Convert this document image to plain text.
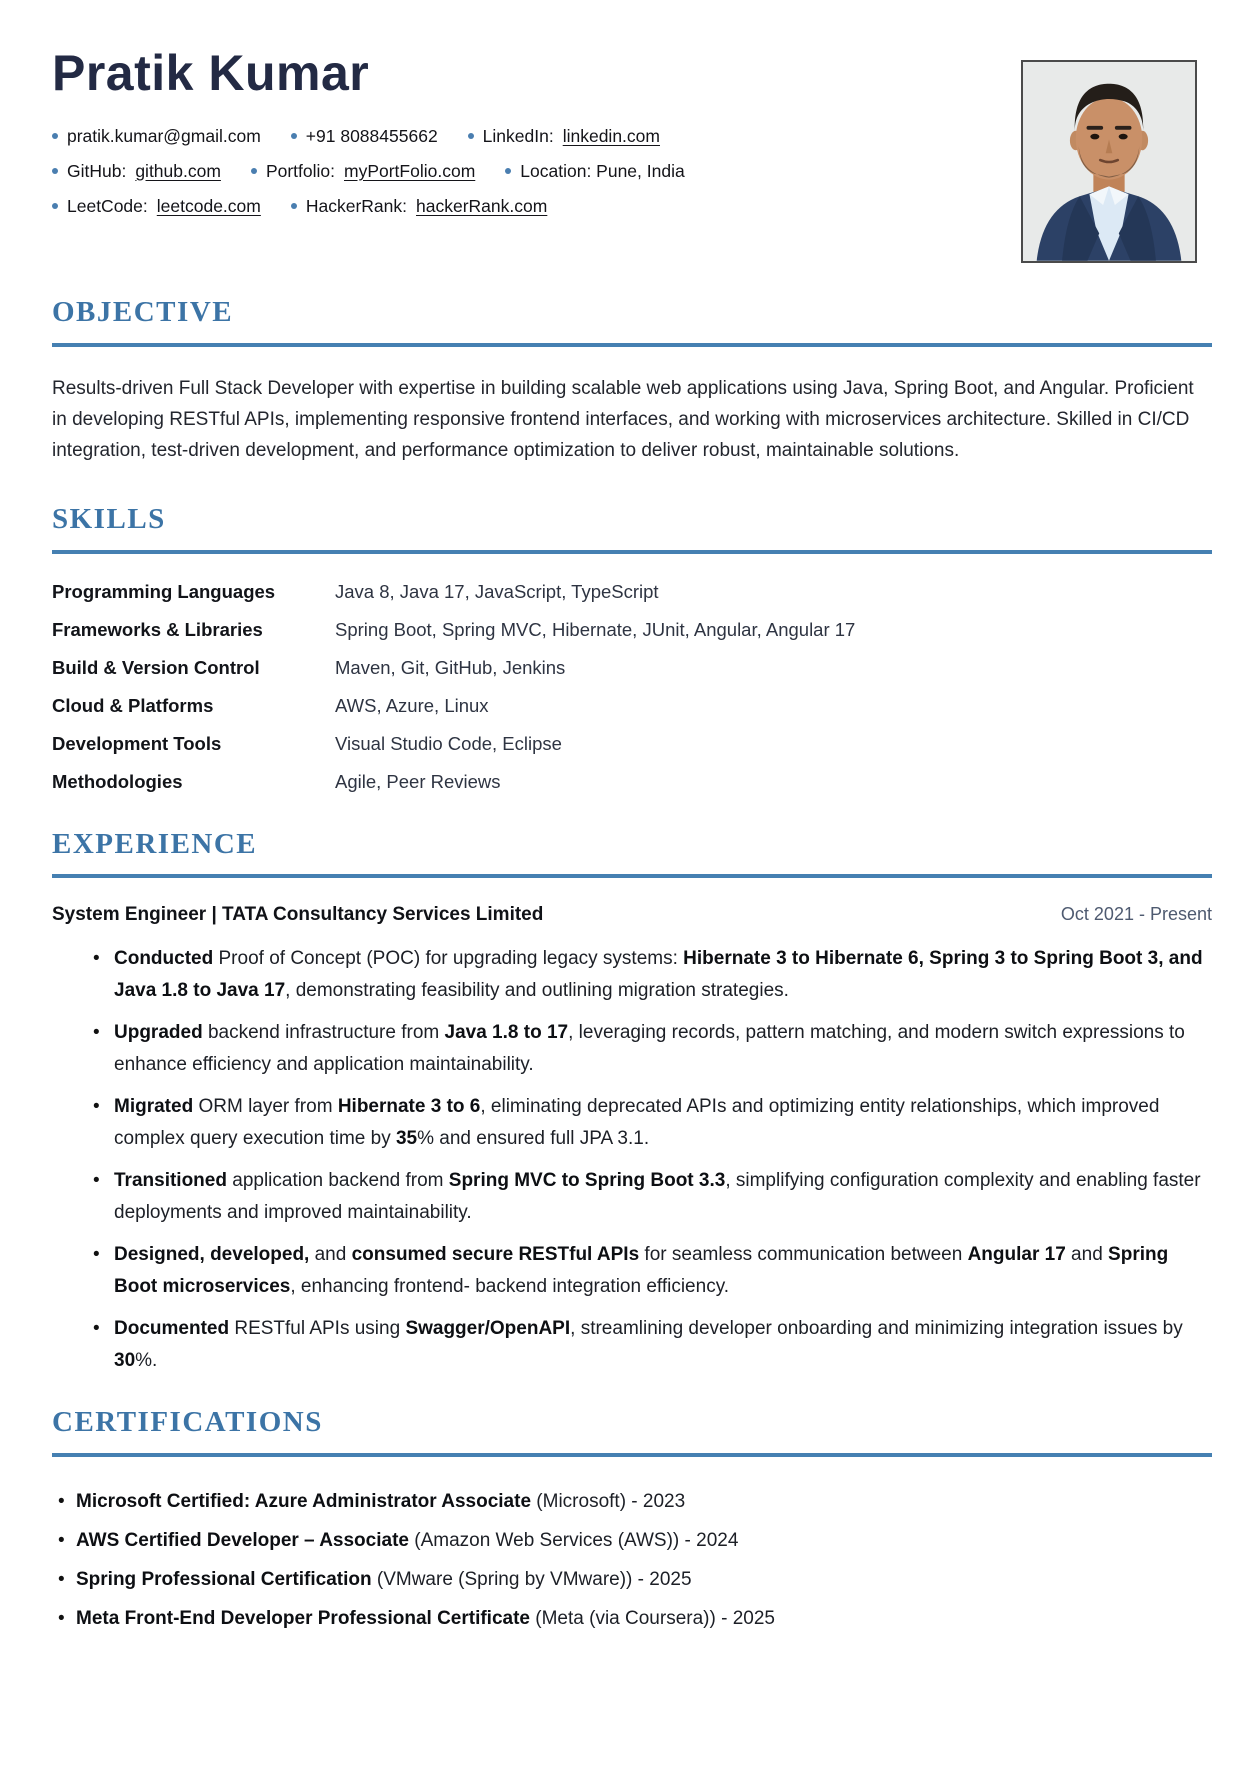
Pratik Kumar
pratik.kumar@gmail.com	+91 8088455662	LinkedIn: linkedin.com
GitHub: github.com	Portfolio: myPortFolio.com	Location: Pune, India
LeetCode: leetcode.com	HackerRank: hackerRank.com
OBJECTIVE

Results-driven Full Stack Developer with expertise in building scalable web applications using Java, Spring Boot, and Angular. Proficient in developing RESTful APIs, implementing responsive frontend interfaces, and working with microservices architecture. Skilled in CI/CD integration, test-driven development, and performance optimization to deliver robust, maintainable solutions.

SKILLS
Programming Languages	Java 8, Java 17, JavaScript, TypeScript
Frameworks & Libraries	Spring Boot, Spring MVC, Hibernate, JUnit, Angular, Angular 17
Build & Version Control	Maven, Git, GitHub, Jenkins
Cloud & Platforms	AWS, Azure, Linux
Development Tools	Visual Studio Code, Eclipse
Methodologies	Agile, Peer Reviews
EXPERIENCE
System Engineer | TATA Consultancy Services Limited	Oct 2021 - Present
• Conducted Proof of Concept (POC) for upgrading legacy systems: Hibernate 3 to Hibernate 6, Spring 3 to Spring Boot 3, and Java 1.8 to Java 17, demonstrating feasibility and outlining migration strategies.
• Upgraded backend infrastructure from Java 1.8 to 17, leveraging records, pattern matching, and modern switch expressions to enhance efficiency and application maintainability.
• Migrated ORM layer from Hibernate 3 to 6, eliminating deprecated APIs and optimizing entity relationships, which improved complex query execution time by 35% and ensured full JPA 3.1.
• Transitioned application backend from Spring MVC to Spring Boot 3.3, simplifying configuration complexity and enabling faster deployments and improved maintainability.
• Designed, developed, and consumed secure RESTful APIs for seamless communication between Angular 17 and Spring Boot microservices, enhancing frontend- backend integration efficiency.
• Documented RESTful APIs using Swagger/OpenAPI, streamlining developer onboarding and minimizing integration issues by 30%.
CERTIFICATIONS
• Microsoft Certified: Azure Administrator Associate (Microsoft) - 2023
• AWS Certified Developer – Associate (Amazon Web Services (AWS)) - 2024
• Spring Professional Certification (VMware (Spring by VMware)) - 2025
• Meta Front-End Developer Professional Certificate (Meta (via Coursera)) - 2025
